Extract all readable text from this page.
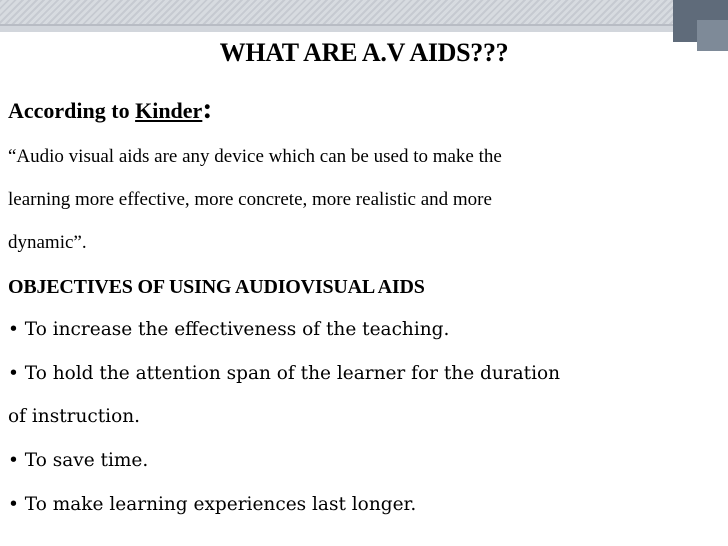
WHAT ARE A.V AIDS???

According to Kinder:

“Audio visual aids are any device which can be used to make the

learning more effective, more concrete, more realistic and more

dynamic”.

OBJECTIVES OF USING AUDIOVISUAL AIDS

• To increase the effectiveness of the teaching.

• To hold the attention span of the learner for the duration

of instruction.

• To save time.

• To make learning experiences last longer.
